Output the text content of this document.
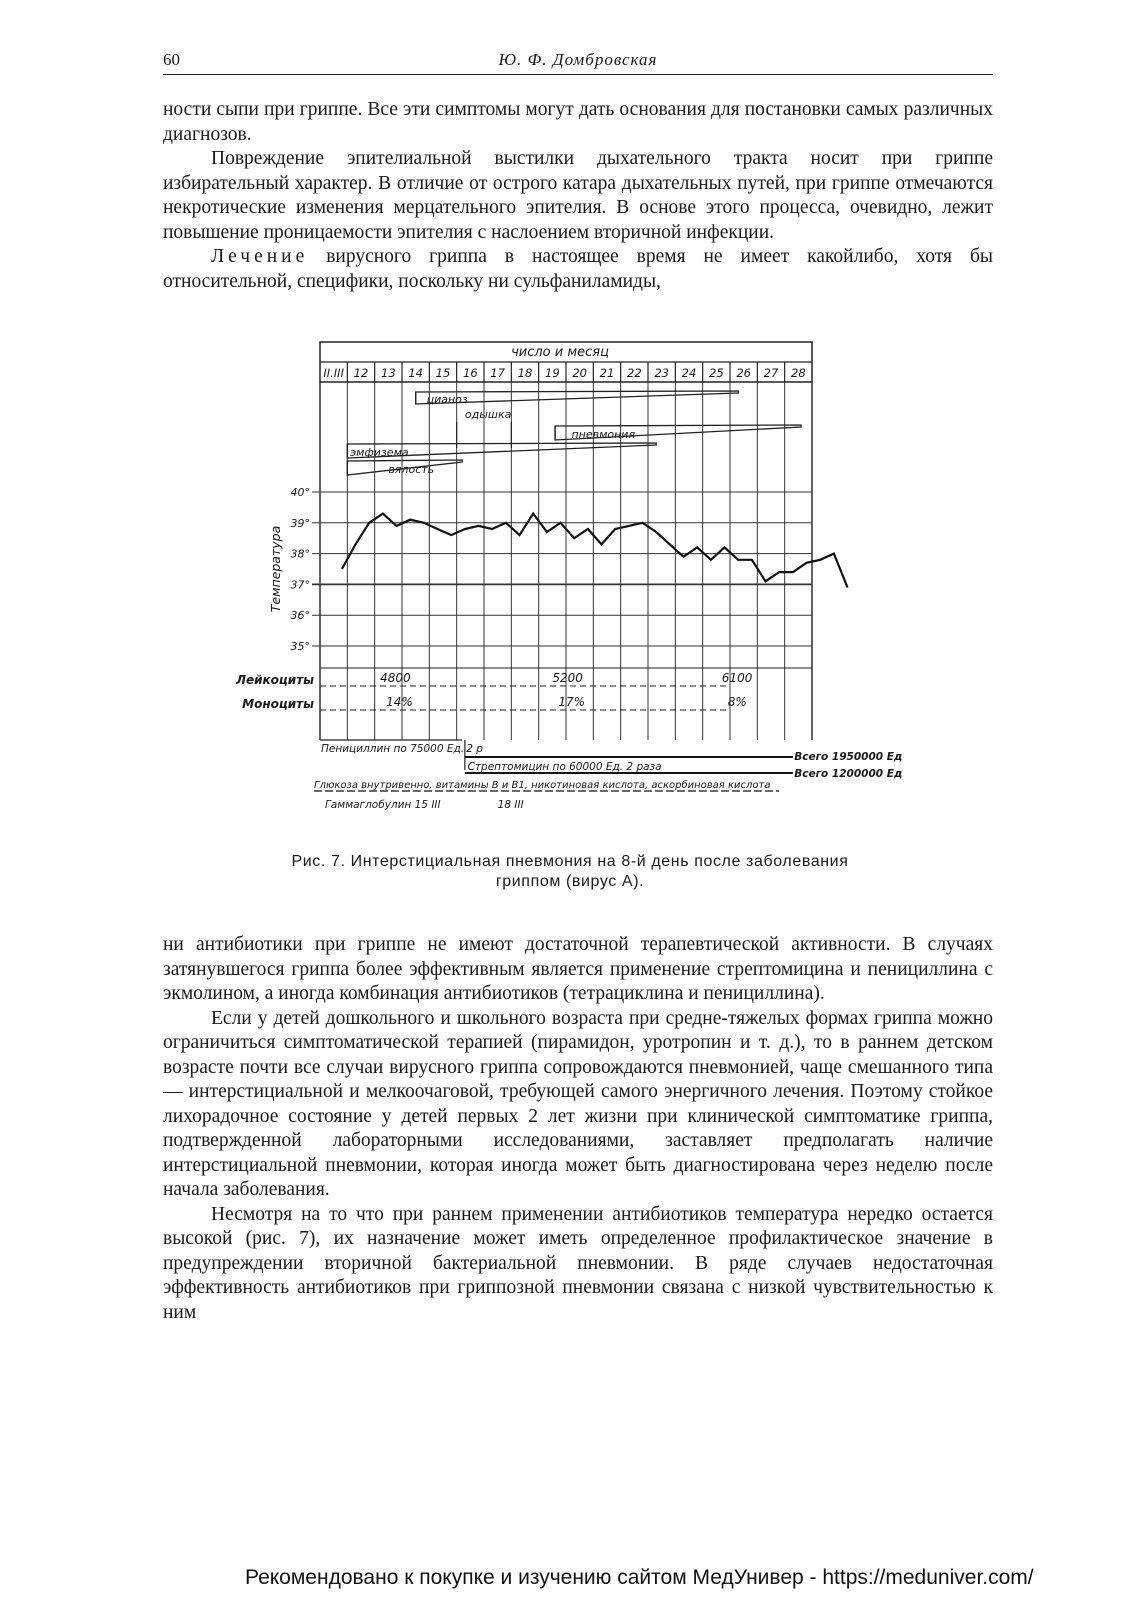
60	Ю. Ф. Домбровская

ности сыпи при гриппе. Все эти симптомы могут дать основания для постановки самых различных диагнозов.

Повреждение эпителиальной выстилки дыхательного тракта носит при гриппе избирательный характер. В отличие от острого катара дыхательных путей, при гриппе отмечаются некротические изменения мерцательного эпителия. В основе этого процесса, очевидно, лежит повышение проницаемости эпителия с наслоением вторичной инфекции.

Лечение вирусного гриппа в настоящее время не имеет какойлибо, хотя бы относительной, специфики, поскольку ни сульфаниламиды,

число и месяц
II.III 12 13 14 15 16 17 18 19 20 21 22 23 24 25 26 27 28
цианоз
одышка
пневмония
эмфизема
вялость
40°
39°
38°
37°
36°
35°
Температура
Лейкоциты
Моноциты
4800	5200	6100
14%	17%	8%
Пенициллин по 75000 Ед. 2 р
Всего 1950000 Ед
Стрептомицин по 60000 Ед. 2 раза
Всего 1200000 Ед
Глюкоза внутривенно, витамины B и B1, никотиновая кислота, аскорбиновая кислота
Гаммаглобулин 15 III	18 III
Рис. 7. Интерстициальная пневмония на 8-й день после заболевания
гриппом (вирус А).

ни антибиотики при гриппе не имеют достаточной терапевтической активности. В случаях затянувшегося гриппа более эффективным является применение стрептомицина и пенициллина с экмолином, а иногда комбинация антибиотиков (тетрациклина и пенициллина).

Если у детей дошкольного и школьного возраста при средне-тяжелых формах гриппа можно ограничиться симптоматической терапией (пирамидон, уротропин и т. д.), то в раннем детском возрасте почти все случаи вирусного гриппа сопровождаются пневмонией, чаще смешанного типа — интерстициальной и мелкоочаговой, требующей самого энергичного лечения. Поэтому стойкое лихорадочное состояние у детей первых 2 лет жизни при клинической симптоматике гриппа, подтвержденной лабораторными исследованиями, заставляет предполагать наличие интерстициальной пневмонии, которая иногда может быть диагностирована через неделю после начала заболевания.

Несмотря на то что при раннем применении антибиотиков температура нередко остается высокой (рис. 7), их назначение может иметь определенное профилактическое значение в предупреждении вторичной бактериальной пневмонии. В ряде случаев недостаточная эффективность антибиотиков при гриппозной пневмонии связана с низкой чувствительностью к ним

Рекомендовано к покупке и изучению сайтом МедУнивер - https://meduniver.com/
